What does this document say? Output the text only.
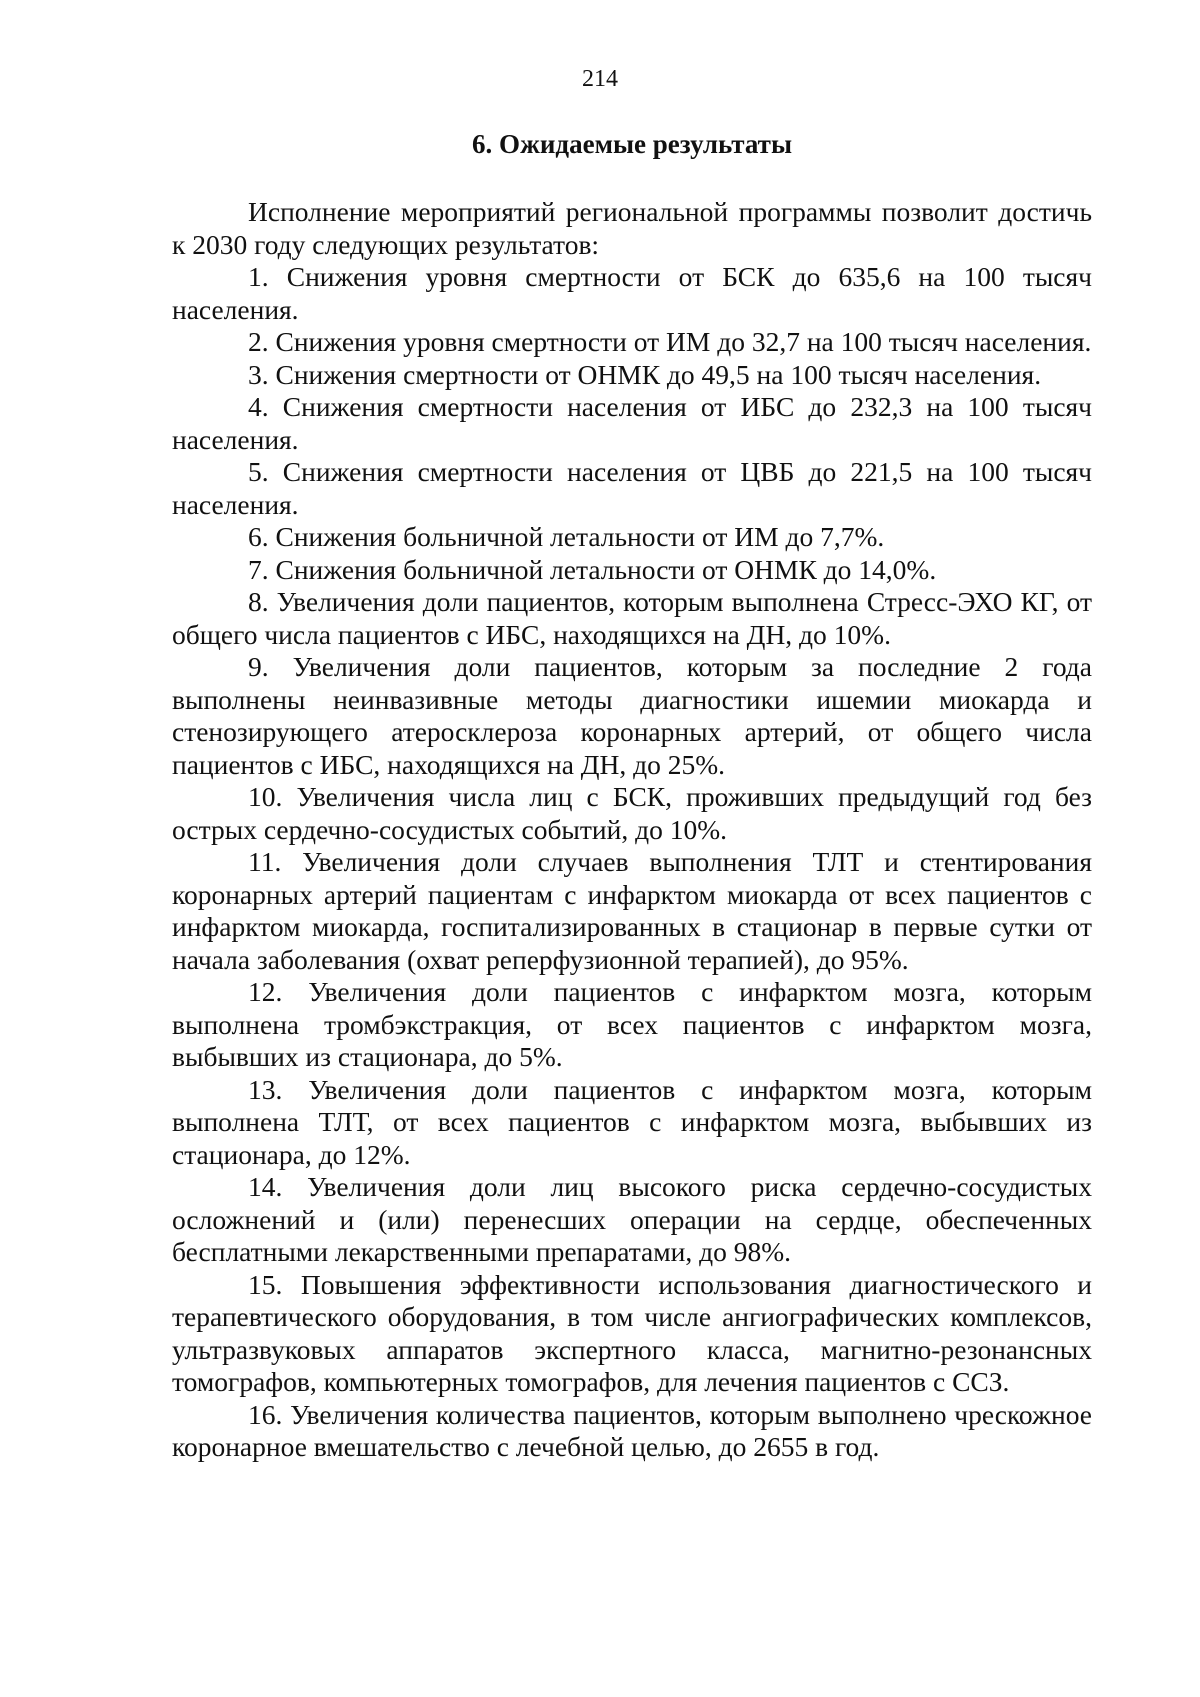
214
6. Ожидаемые результаты

Исполнение мероприятий региональной программы позволит достичь к 2030 году следующих результатов:

1. Снижения уровня смертности от БСК до 635,6 на 100 тысяч населения.
2. Снижения уровня смертности от ИМ до 32,7 на 100 тысяч населения.
3. Снижения смертности от ОНМК до 49,5 на 100 тысяч населения.
4. Снижения смертности населения от ИБС до 232,3 на 100 тысяч населения.
5. Снижения смертности населения от ЦВБ до 221,5 на 100 тысяч населения.
6. Снижения больничной летальности от ИМ до 7,7%.
7. Снижения больничной летальности от ОНМК до 14,0%.
8. Увеличения доли пациентов, которым выполнена Стресс-ЭХО КГ, от общего числа пациентов с ИБС, находящихся на ДН, до 10%.
9. Увеличения доли пациентов, которым за последние 2 года выполнены неинвазивные методы диагностики ишемии миокарда и стенозирующего атеросклероза коронарных артерий, от общего числа пациентов с ИБС, находящихся на ДН, до 25%.
10. Увеличения числа лиц с БСК, проживших предыдущий год без острых сердечно-сосудистых событий, до 10%.
11. Увеличения доли случаев выполнения ТЛТ и стентирования коронарных артерий пациентам с инфарктом миокарда от всех пациентов с инфарктом миокарда, госпитализированных в стационар в первые сутки от начала заболевания (охват реперфузионной терапией), до 95%.
12. Увеличения доли пациентов с инфарктом мозга, которым выполнена тромбэкстракция, от всех пациентов с инфарктом мозга, выбывших из стационара, до 5%.
13. Увеличения доли пациентов с инфарктом мозга, которым выполнена ТЛТ, от всех пациентов с инфарктом мозга, выбывших из стационара, до 12%.
14. Увеличения доли лиц высокого риска сердечно-сосудистых осложнений и (или) перенесших операции на сердце, обеспеченных бесплатными лекарственными препаратами, до 98%.
15. Повышения эффективности использования диагностического и терапевтического оборудования, в том числе ангиографических комплексов, ультразвуковых аппаратов экспертного класса, магнитно-резонансных томографов, компьютерных томографов, для лечения пациентов с ССЗ.
16. Увеличения количества пациентов, которым выполнено чрескожное коронарное вмешательство с лечебной целью, до 2655 в год.
